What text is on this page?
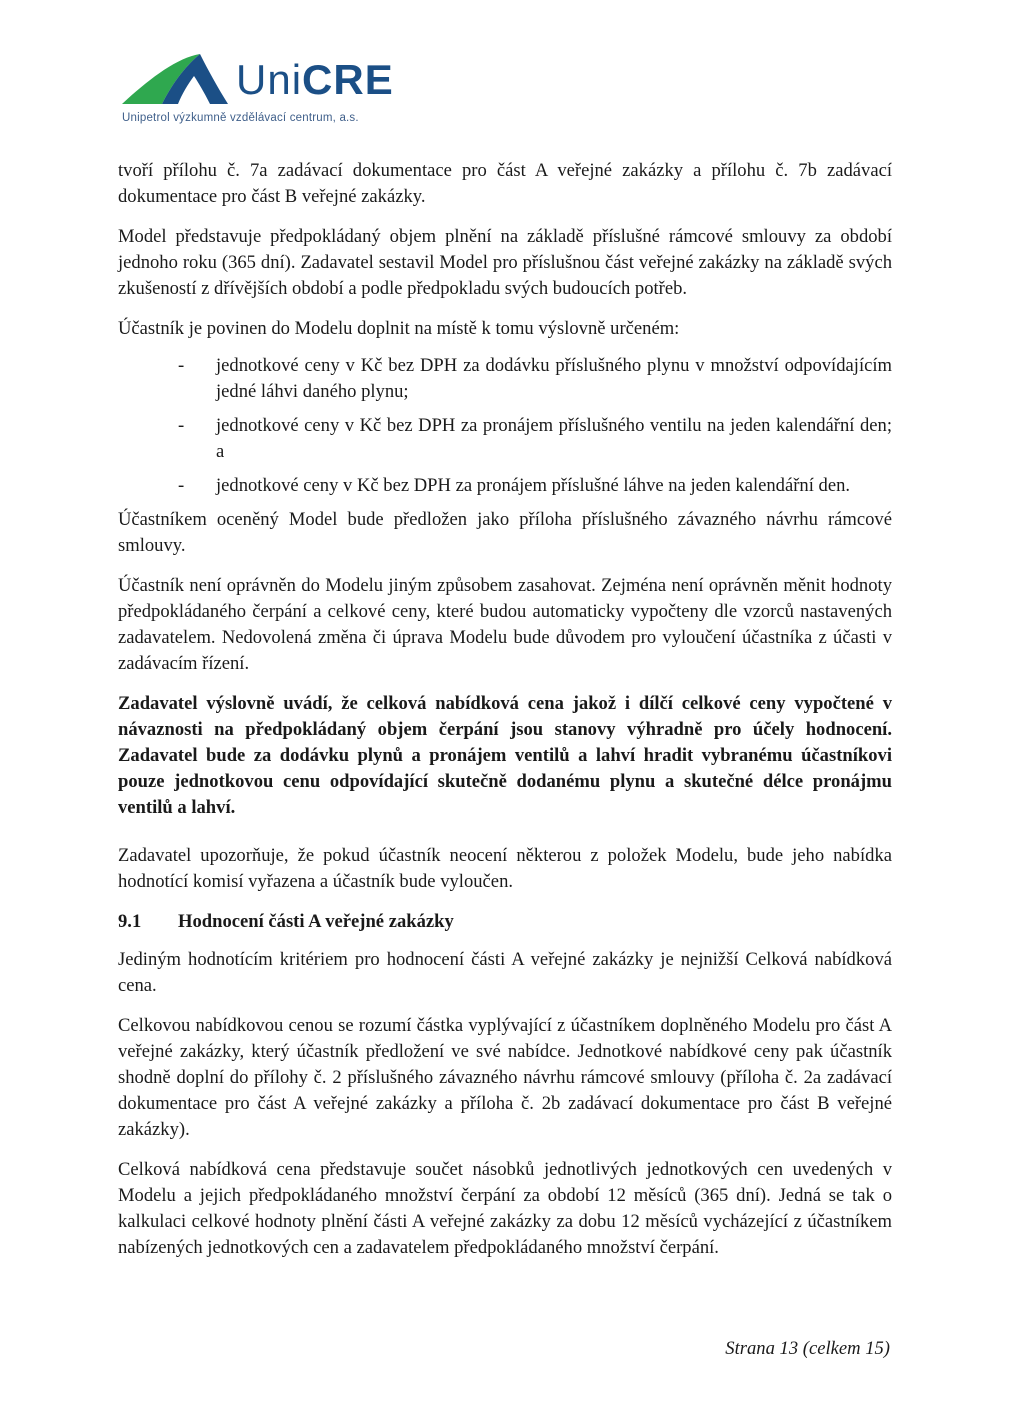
UniCRE
Unipetrol výzkumně vzdělávací centrum, a.s.

tvoří přílohu č. 7a zadávací dokumentace pro část A veřejné zakázky a přílohu č. 7b zadávací dokumentace pro část B veřejné zakázky.

Model představuje předpokládaný objem plnění na základě příslušné rámcové smlouvy za období jednoho roku (365 dní). Zadavatel sestavil Model pro příslušnou část veřejné zakázky na základě svých zkušeností z dřívějších období a podle předpokladu svých budoucích potřeb.

Účastník je povinen do Modelu doplnit na místě k tomu výslovně určeném:

- jednotkové ceny v Kč bez DPH za dodávku příslušného plynu v množství odpovídajícím jedné láhvi daného plynu;
- jednotkové ceny v Kč bez DPH za pronájem příslušného ventilu na jeden kalendářní den; a
- jednotkové ceny v Kč bez DPH za pronájem příslušné láhve na jeden kalendářní den.

Účastníkem oceněný Model bude předložen jako příloha příslušného závazného návrhu rámcové smlouvy.

Účastník není oprávněn do Modelu jiným způsobem zasahovat. Zejména není oprávněn měnit hodnoty předpokládaného čerpání a celkové ceny, které budou automaticky vypočteny dle vzorců nastavených zadavatelem. Nedovolená změna či úprava Modelu bude důvodem pro vyloučení účastníka z účasti v zadávacím řízení.

Zadavatel výslovně uvádí, že celková nabídková cena jakož i dílčí celkové ceny vypočtené v návaznosti na předpokládaný objem čerpání jsou stanovy výhradně pro účely hodnocení. Zadavatel bude za dodávku plynů a pronájem ventilů a lahví hradit vybranému účastníkovi pouze jednotkovou cenu odpovídající skutečně dodanému plynu a skutečné délce pronájmu ventilů a lahví.

Zadavatel upozorňuje, že pokud účastník neocení některou z položek Modelu, bude jeho nabídka hodnotící komisí vyřazena a účastník bude vyloučen.

9.1 Hodnocení části A veřejné zakázky

Jediným hodnotícím kritériem pro hodnocení části A veřejné zakázky je nejnižší Celková nabídková cena.

Celkovou nabídkovou cenou se rozumí částka vyplývající z účastníkem doplněného Modelu pro část A veřejné zakázky, který účastník předložení ve své nabídce. Jednotkové nabídkové ceny pak účastník shodně doplní do přílohy č. 2 příslušného závazného návrhu rámcové smlouvy (příloha č. 2a zadávací dokumentace pro část A veřejné zakázky a příloha č. 2b zadávací dokumentace pro část B veřejné zakázky).

Celková nabídková cena představuje součet násobků jednotlivých jednotkových cen uvedených v Modelu a jejich předpokládaného množství čerpání za období 12 měsíců (365 dní). Jedná se tak o kalkulaci celkové hodnoty plnění části A veřejné zakázky za dobu 12 měsíců vycházející z účastníkem nabízených jednotkových cen a zadavatelem předpokládaného množství čerpání.

Strana 13 (celkem 15)
